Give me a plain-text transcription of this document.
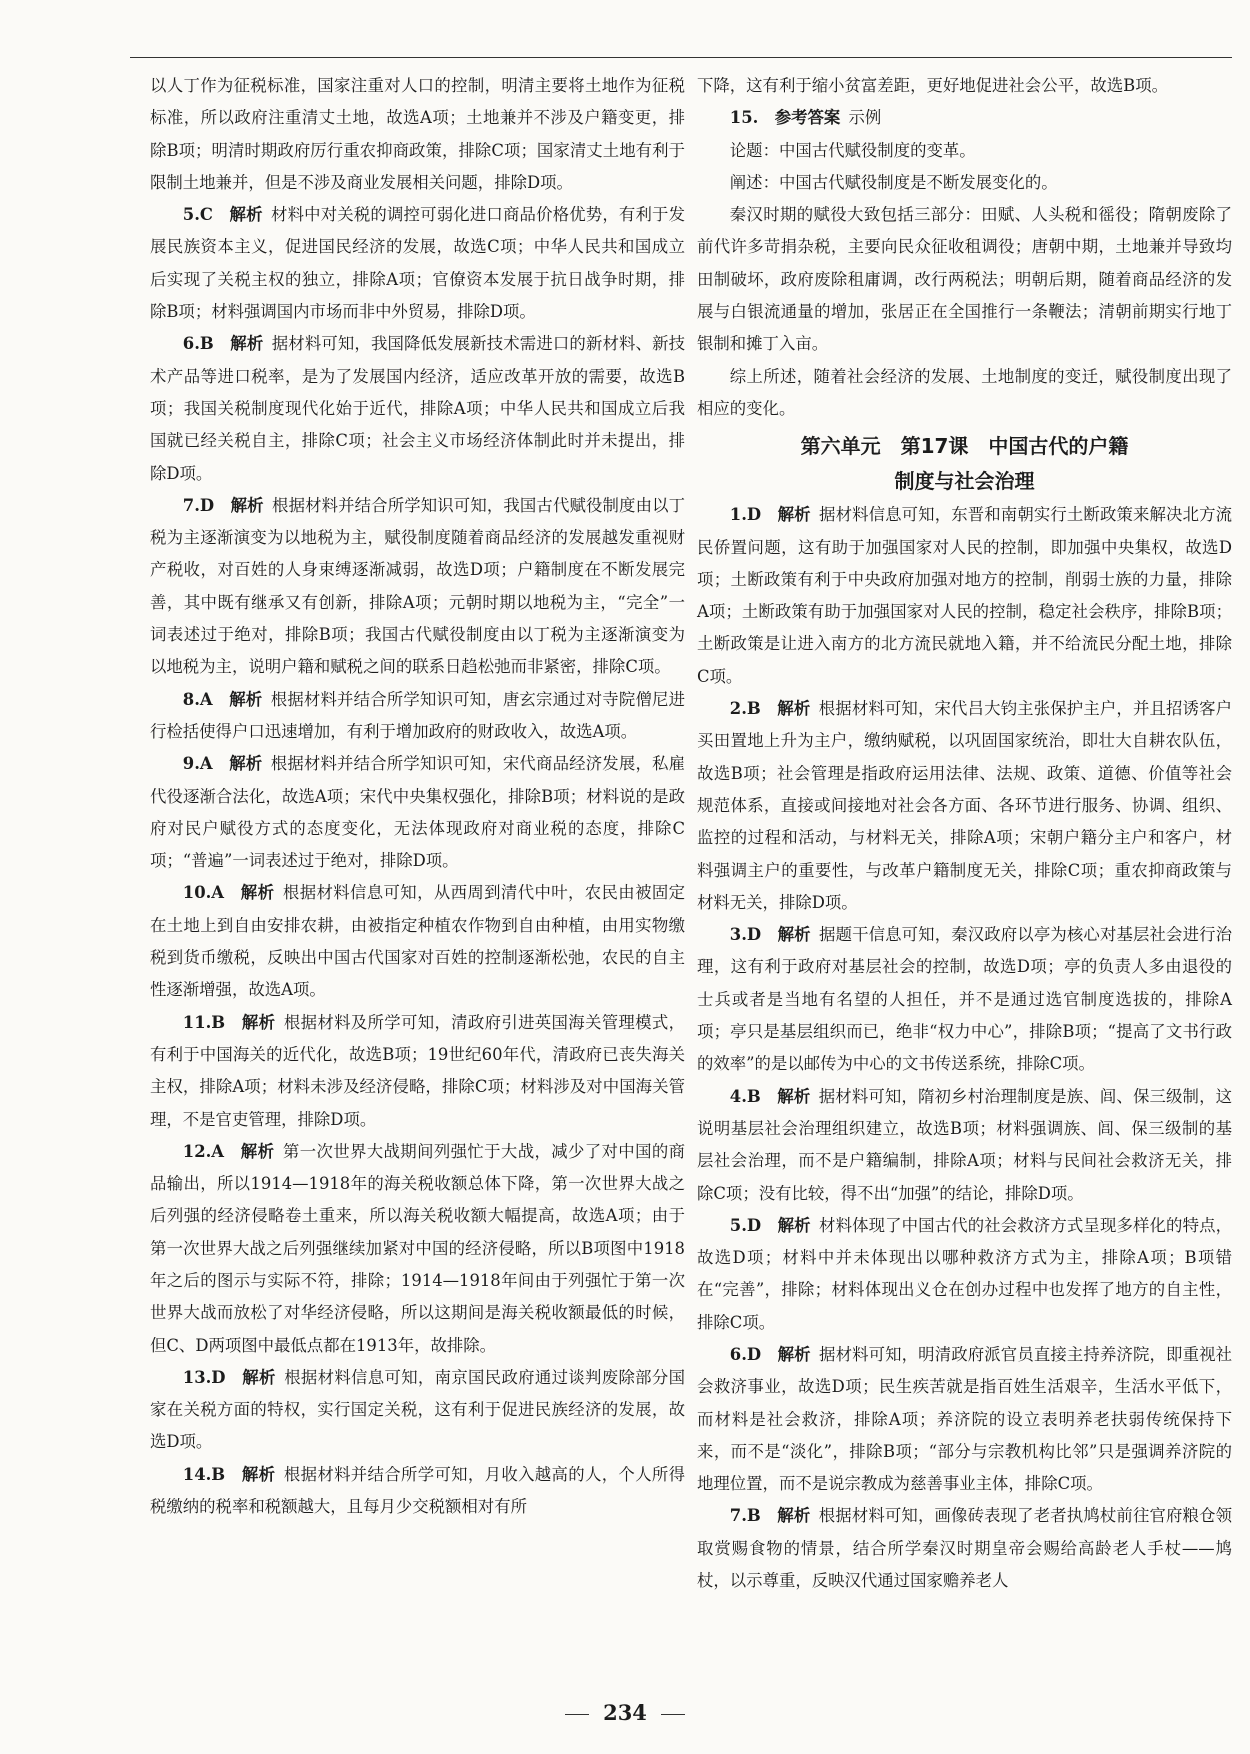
以人丁作为征税标准，国家注重对人口的控制，明清主要将土地作为征税标准，所以政府注重清丈土地，故选A项；土地兼并不涉及户籍变更，排除B项；明清时期政府厉行重农抑商政策，排除C项；国家清丈土地有利于限制土地兼并，但是不涉及商业发展相关问题，排除D项。

5.C  解析  材料中对关税的调控可弱化进口商品价格优势，有利于发展民族资本主义，促进国民经济的发展，故选C项；中华人民共和国成立后实现了关税主权的独立，排除A项；官僚资本发展于抗日战争时期，排除B项；材料强调国内市场而非中外贸易，排除D项。

6.B  解析  据材料可知，我国降低发展新技术需进口的新材料、新技术产品等进口税率，是为了发展国内经济，适应改革开放的需要，故选B项；我国关税制度现代化始于近代，排除A项；中华人民共和国成立后我国就已经关税自主，排除C项；社会主义市场经济体制此时并未提出，排除D项。

7.D  解析  根据材料并结合所学知识可知，我国古代赋役制度由以丁税为主逐渐演变为以地税为主，赋役制度随着商品经济的发展越发重视财产税收，对百姓的人身束缚逐渐减弱，故选D项；户籍制度在不断发展完善，其中既有继承又有创新，排除A项；元朝时期以地税为主，“完全”一词表述过于绝对，排除B项；我国古代赋役制度由以丁税为主逐渐演变为以地税为主，说明户籍和赋税之间的联系日趋松弛而非紧密，排除C项。

8.A  解析  根据材料并结合所学知识可知，唐玄宗通过对寺院僧尼进行检括使得户口迅速增加，有利于增加政府的财政收入，故选A项。

9.A  解析  根据材料并结合所学知识可知，宋代商品经济发展，私雇代役逐渐合法化，故选A项；宋代中央集权强化，排除B项；材料说的是政府对民户赋役方式的态度变化，无法体现政府对商业税的态度，排除C项；“普遍”一词表述过于绝对，排除D项。

10.A  解析  根据材料信息可知，从西周到清代中叶，农民由被固定在土地上到自由安排农耕，由被指定种植农作物到自由种植，由用实物缴税到货币缴税，反映出中国古代国家对百姓的控制逐渐松弛，农民的自主性逐渐增强，故选A项。

11.B  解析  根据材料及所学可知，清政府引进英国海关管理模式，有利于中国海关的近代化，故选B项；19世纪60年代，清政府已丧失海关主权，排除A项；材料未涉及经济侵略，排除C项；材料涉及对中国海关管理，不是官吏管理，排除D项。

12.A  解析  第一次世界大战期间列强忙于大战，减少了对中国的商品输出，所以1914—1918年的海关税收额总体下降，第一次世界大战之后列强的经济侵略卷土重来，所以海关税收额大幅提高，故选A项；由于第一次世界大战之后列强继续加紧对中国的经济侵略，所以B项图中1918年之后的图示与实际不符，排除；1914—1918年间由于列强忙于第一次世界大战而放松了对华经济侵略，所以这期间是海关税收额最低的时候，但C、D两项图中最低点都在1913年，故排除。

13.D  解析  根据材料信息可知，南京国民政府通过谈判废除部分国家在关税方面的特权，实行国定关税，这有利于促进民族经济的发展，故选D项。

14.B  解析  根据材料并结合所学可知，月收入越高的人，个人所得税缴纳的税率和税额越大，且每月少交税额相对有所

下降，这有利于缩小贫富差距，更好地促进社会公平，故选B项。

15.  参考答案  示例

论题：中国古代赋役制度的变革。

阐述：中国古代赋役制度是不断发展变化的。

秦汉时期的赋役大致包括三部分：田赋、人头税和徭役；隋朝废除了前代许多苛捐杂税，主要向民众征收租调役；唐朝中期，土地兼并导致均田制破坏，政府废除租庸调，改行两税法；明朝后期，随着商品经济的发展与白银流通量的增加，张居正在全国推行一条鞭法；清朝前期实行地丁银制和摊丁入亩。

综上所述，随着社会经济的发展、土地制度的变迁，赋役制度出现了相应的变化。

第六单元　第17课　中国古代的户籍
制度与社会治理

1.D  解析  据材料信息可知，东晋和南朝实行土断政策来解决北方流民侨置问题，这有助于加强国家对人民的控制，即加强中央集权，故选D项；土断政策有利于中央政府加强对地方的控制，削弱士族的力量，排除A项；土断政策有助于加强国家对人民的控制，稳定社会秩序，排除B项；土断政策是让进入南方的北方流民就地入籍，并不给流民分配土地，排除C项。

2.B  解析  根据材料可知，宋代吕大钧主张保护主户，并且招诱客户买田置地上升为主户，缴纳赋税，以巩固国家统治，即壮大自耕农队伍，故选B项；社会管理是指政府运用法律、法规、政策、道德、价值等社会规范体系，直接或间接地对社会各方面、各环节进行服务、协调、组织、监控的过程和活动，与材料无关，排除A项；宋朝户籍分主户和客户，材料强调主户的重要性，与改革户籍制度无关，排除C项；重农抑商政策与材料无关，排除D项。

3.D  解析  据题干信息可知，秦汉政府以亭为核心对基层社会进行治理，这有利于政府对基层社会的控制，故选D项；亭的负责人多由退役的士兵或者是当地有名望的人担任，并不是通过选官制度选拔的，排除A项；亭只是基层组织而已，绝非“权力中心”，排除B项；“提高了文书行政的效率”的是以邮传为中心的文书传送系统，排除C项。

4.B  解析  据材料可知，隋初乡村治理制度是族、闾、保三级制，这说明基层社会治理组织建立，故选B项；材料强调族、闾、保三级制的基层社会治理，而不是户籍编制，排除A项；材料与民间社会救济无关，排除C项；没有比较，得不出“加强”的结论，排除D项。

5.D  解析  材料体现了中国古代的社会救济方式呈现多样化的特点，故选D项；材料中并未体现出以哪种救济方式为主，排除A项；B项错在“完善”，排除；材料体现出义仓在创办过程中也发挥了地方的自主性，排除C项。

6.D  解析  据材料可知，明清政府派官员直接主持养济院，即重视社会救济事业，故选D项；民生疾苦就是指百姓生活艰辛，生活水平低下，而材料是社会救济，排除A项；养济院的设立表明养老扶弱传统保持下来，而不是“淡化”，排除B项；“部分与宗教机构比邻”只是强调养济院的地理位置，而不是说宗教成为慈善事业主体，排除C项。

7.B  解析  根据材料可知，画像砖表现了老者执鸠杖前往官府粮仓领取赏赐食物的情景，结合所学秦汉时期皇帝会赐给高龄老人手杖——鸠杖，以示尊重，反映汉代通过国家赡养老人

234
